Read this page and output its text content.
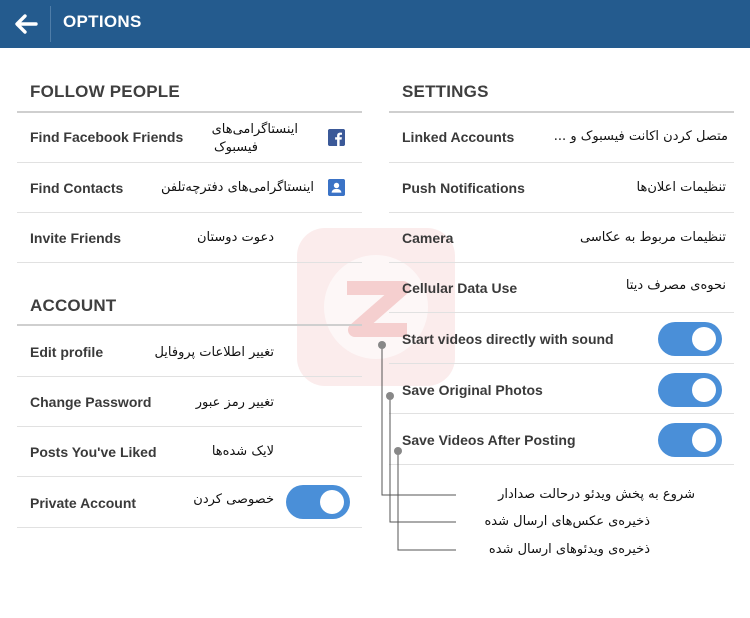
OPTIONS
FOLLOW PEOPLE
Find Facebook Friends اینستاگرامی‌های
فیسبوک
Find Contacts	اینستاگرامی‌های دفترچه‌تلفن
Invite Friends	دعوت دوستان
ACCOUNT
Edit profile	تغییر اطلاعات پروفایل
Change Password	تغییر رمز عبور
Posts You've Liked	لایک شده‌ها
Private Account	خصوصی کردن
SETTINGS
Linked Accounts	متصل کردن اکانت فیسبوک و ...
Push Notifications	تنظیمات اعلان‌ها
Camera	تنظیمات مربوط به عکاسی
Cellular Data Use	نحوه‌ی مصرف دیتا
Start videos directly with sound
Save Original Photos
Save Videos After Posting
شروع به پخش ویدئو درحالت صدادار
ذخیره‌ی عکس‌های ارسال شده
ذخیره‌ی ویدئوهای ارسال شده
